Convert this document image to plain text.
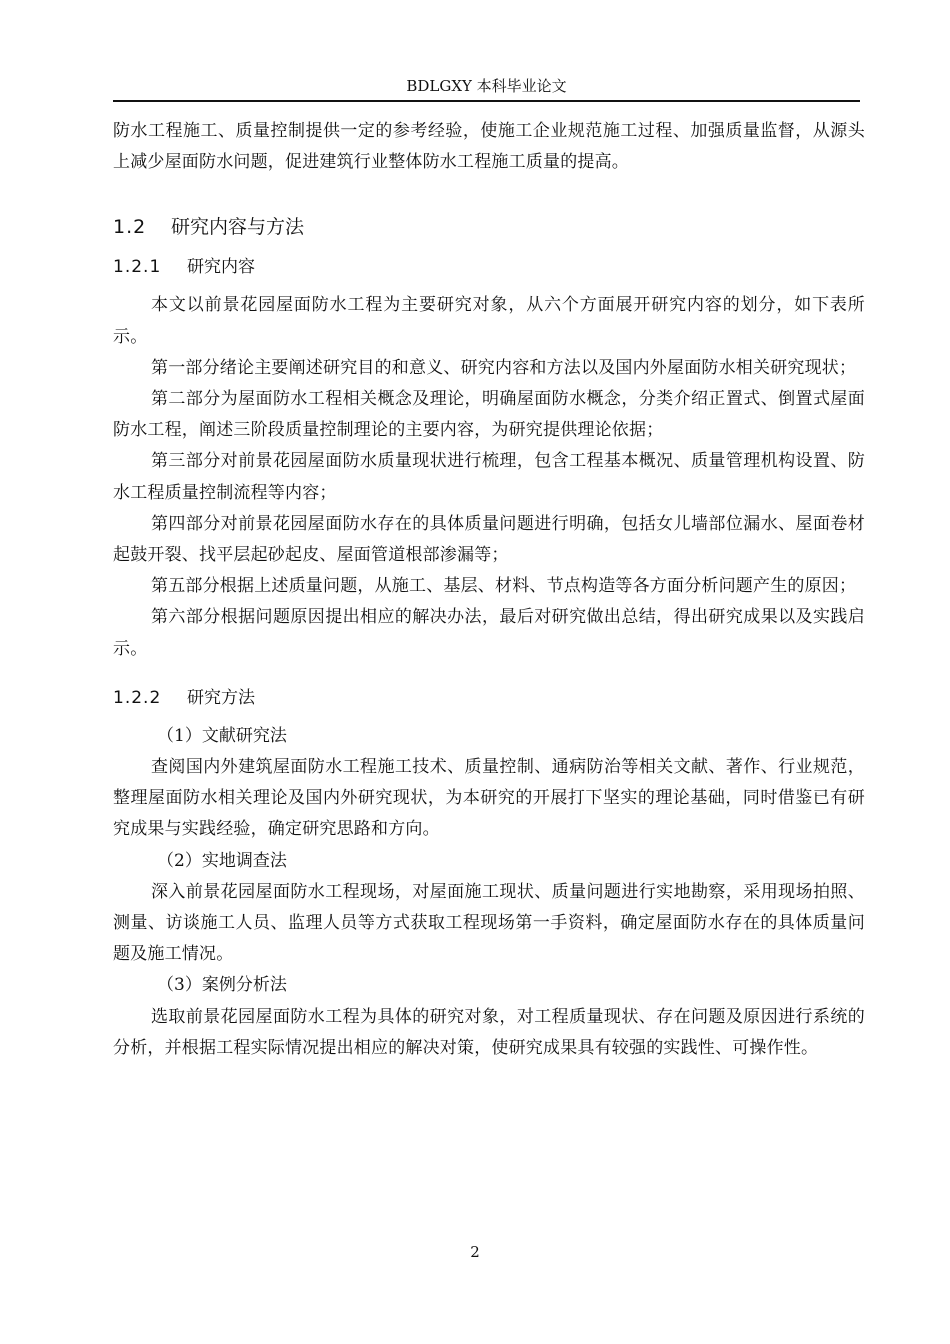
BDLGXY 本科毕业论文

防水工程施工、质量控制提供一定的参考经验，使施工企业规范施工过程、加强质量监督，从源头上减少屋面防水问题，促进建筑行业整体防水工程施工质量的提高。

1.2 研究内容与方法
1.2.1 研究内容

本文以前景花园屋面防水工程为主要研究对象，从六个方面展开研究内容的划分，如下表所示。

第一部分绪论主要阐述研究目的和意义、研究内容和方法以及国内外屋面防水相关研究现状；

第二部分为屋面防水工程相关概念及理论，明确屋面防水概念，分类介绍正置式、倒置式屋面防水工程，阐述三阶段质量控制理论的主要内容，为研究提供理论依据；

第三部分对前景花园屋面防水质量现状进行梳理，包含工程基本概况、质量管理机构设置、防水工程质量控制流程等内容；

第四部分对前景花园屋面防水存在的具体质量问题进行明确，包括女儿墙部位漏水、屋面卷材起鼓开裂、找平层起砂起皮、屋面管道根部渗漏等；

第五部分根据上述质量问题，从施工、基层、材料、节点构造等各方面分析问题产生的原因；

第六部分根据问题原因提出相应的解决办法，最后对研究做出总结，得出研究成果以及实践启示。

1.2.2 研究方法

（1）文献研究法

查阅国内外建筑屋面防水工程施工技术、质量控制、通病防治等相关文献、著作、行业规范，整理屋面防水相关理论及国内外研究现状，为本研究的开展打下坚实的理论基础，同时借鉴已有研究成果与实践经验，确定研究思路和方向。

（2）实地调查法

深入前景花园屋面防水工程现场，对屋面施工现状、质量问题进行实地勘察，采用现场拍照、测量、访谈施工人员、监理人员等方式获取工程现场第一手资料，确定屋面防水存在的具体质量问题及施工情况。

（3）案例分析法

选取前景花园屋面防水工程为具体的研究对象，对工程质量现状、存在问题及原因进行系统的分析，并根据工程实际情况提出相应的解决对策，使研究成果具有较强的实践性、可操作性。

2
